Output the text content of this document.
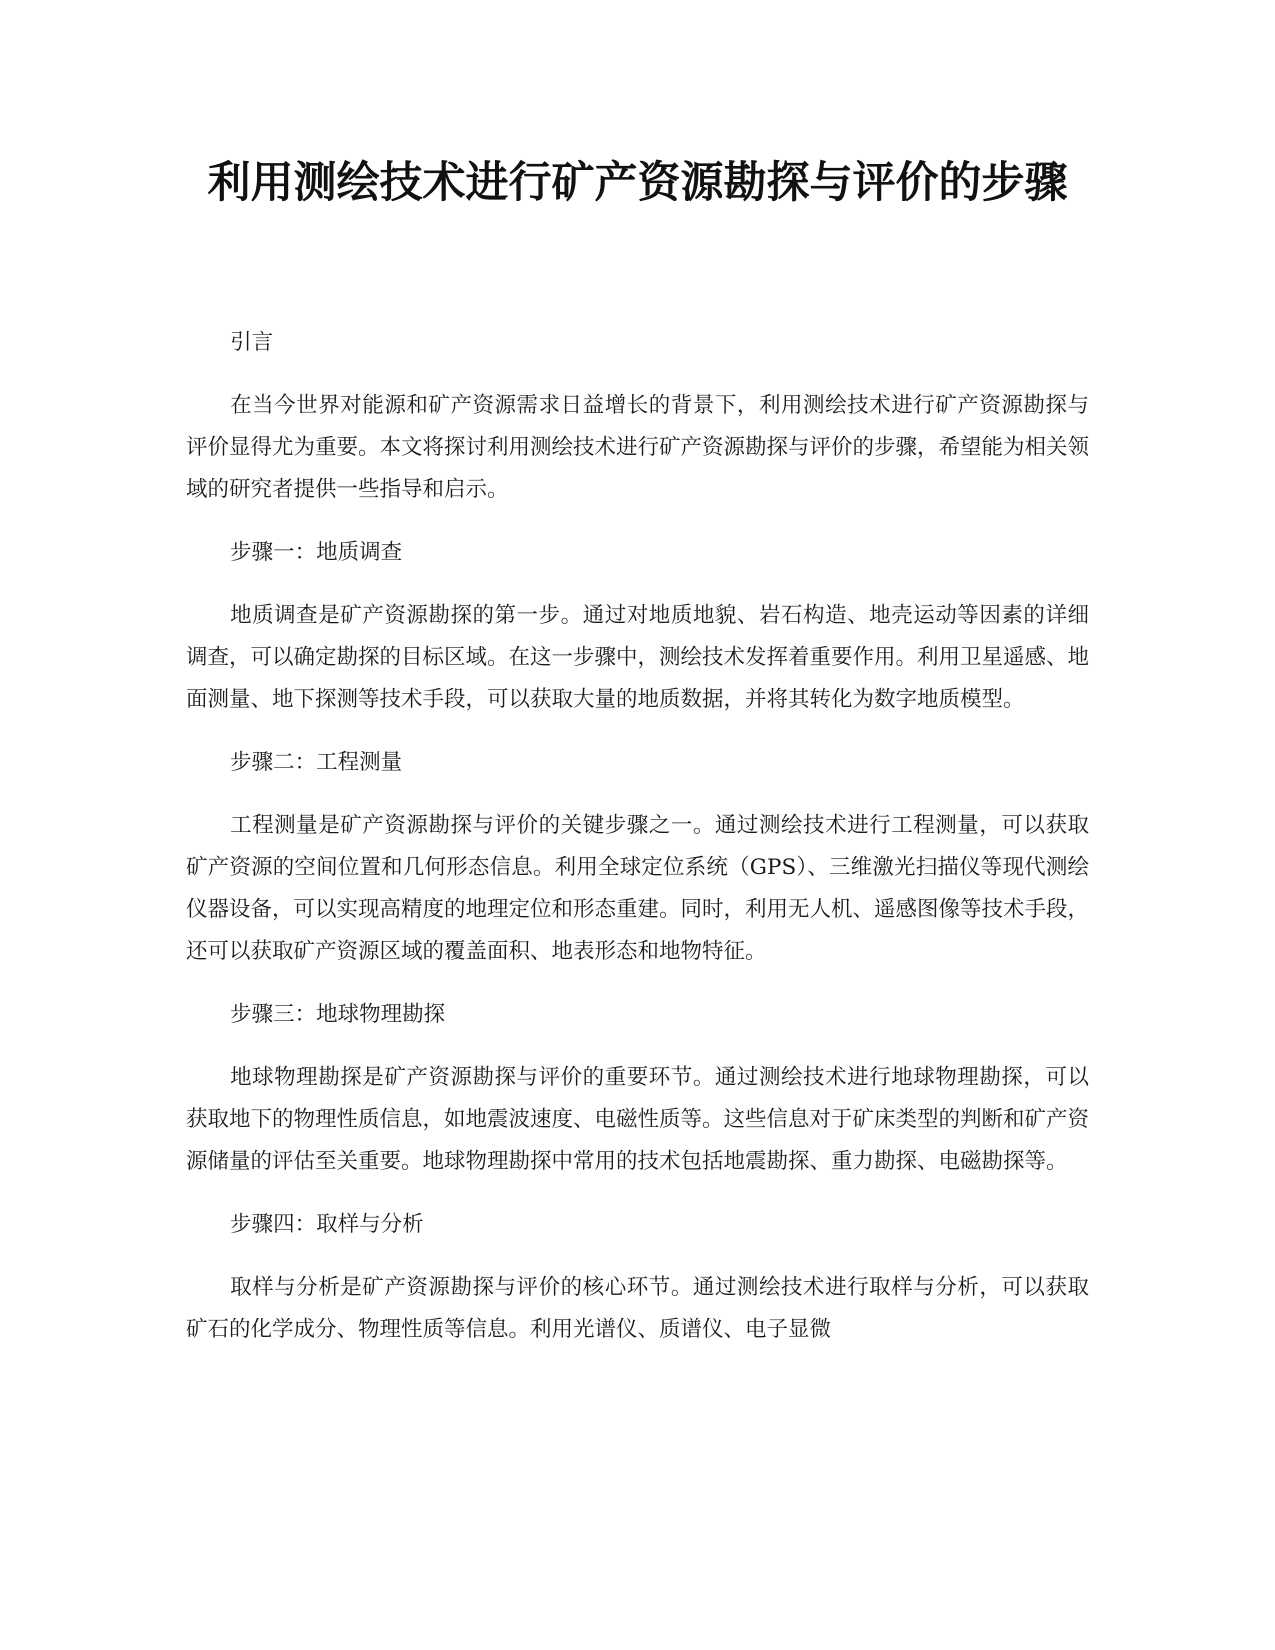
利用测绘技术进行矿产资源勘探与评价的步骤

引言

在当今世界对能源和矿产资源需求日益增长的背景下，利用测绘技术进行矿产资源勘探与评价显得尤为重要。本文将探讨利用测绘技术进行矿产资源勘探与评价的步骤，希望能为相关领域的研究者提供一些指导和启示。

步骤一：地质调查

地质调查是矿产资源勘探的第一步。通过对地质地貌、岩石构造、地壳运动等因素的详细调查，可以确定勘探的目标区域。在这一步骤中，测绘技术发挥着重要作用。利用卫星遥感、地面测量、地下探测等技术手段，可以获取大量的地质数据，并将其转化为数字地质模型。

步骤二：工程测量

工程测量是矿产资源勘探与评价的关键步骤之一。通过测绘技术进行工程测量，可以获取矿产资源的空间位置和几何形态信息。利用全球定位系统（GPS）、三维激光扫描仪等现代测绘仪器设备，可以实现高精度的地理定位和形态重建。同时，利用无人机、遥感图像等技术手段，还可以获取矿产资源区域的覆盖面积、地表形态和地物特征。

步骤三：地球物理勘探

地球物理勘探是矿产资源勘探与评价的重要环节。通过测绘技术进行地球物理勘探，可以获取地下的物理性质信息，如地震波速度、电磁性质等。这些信息对于矿床类型的判断和矿产资源储量的评估至关重要。地球物理勘探中常用的技术包括地震勘探、重力勘探、电磁勘探等。

步骤四：取样与分析

取样与分析是矿产资源勘探与评价的核心环节。通过测绘技术进行取样与分析，可以获取矿石的化学成分、物理性质等信息。利用光谱仪、质谱仪、电子显微
